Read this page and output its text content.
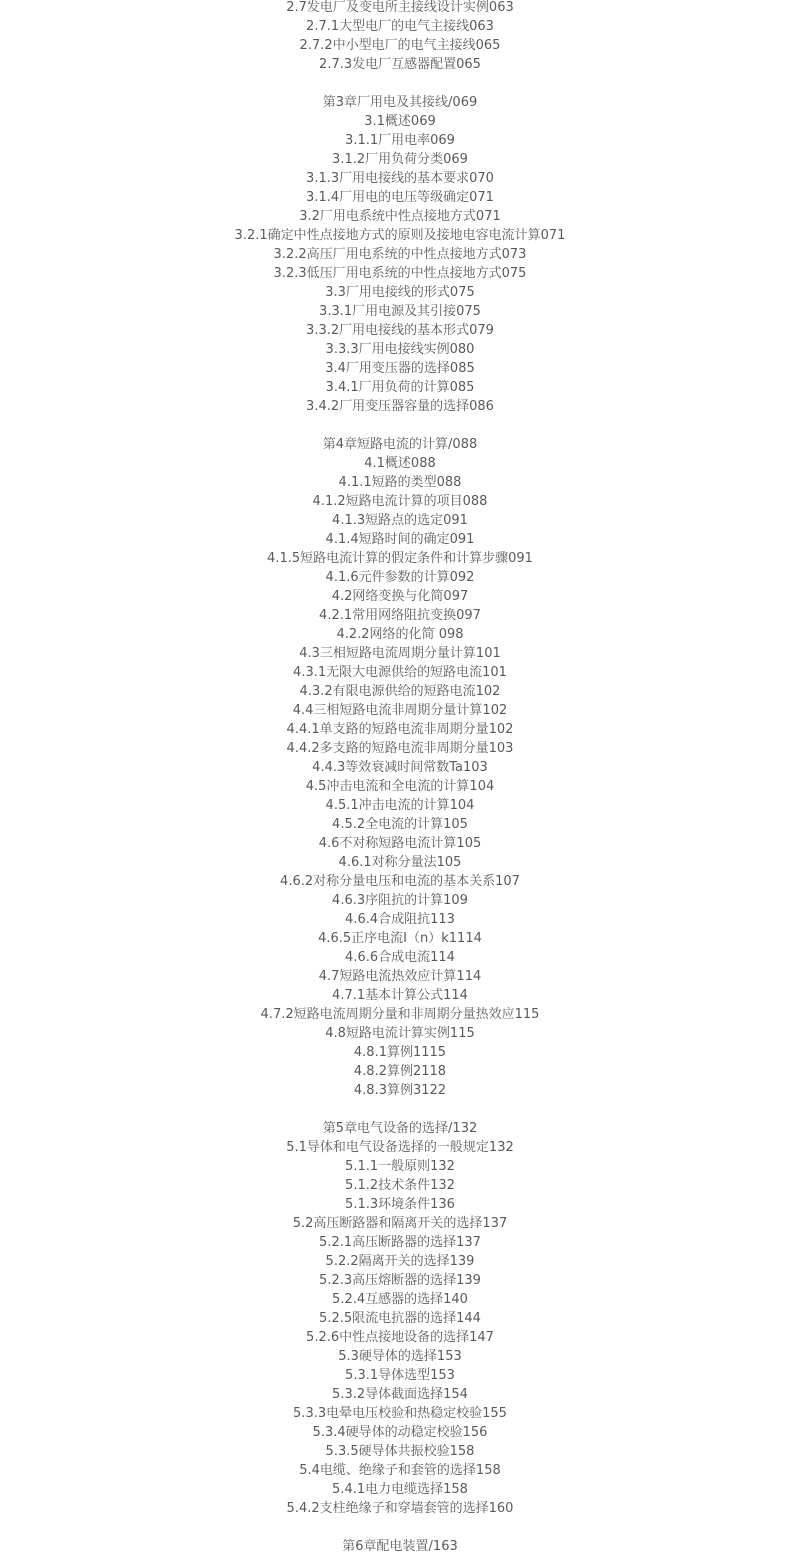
2.7发电厂及变电所主接线设计实例063
2.7.1大型电厂的电气主接线063
2.7.2中小型电厂的电气主接线065
2.7.3发电厂互感器配置065
第3章厂用电及其接线/069
3.1概述069
3.1.1厂用电率069
3.1.2厂用负荷分类069
3.1.3厂用电接线的基本要求070
3.1.4厂用电的电压等级确定071
3.2厂用电系统中性点接地方式071
3.2.1确定中性点接地方式的原则及接地电容电流计算071
3.2.2高压厂用电系统的中性点接地方式073
3.2.3低压厂用电系统的中性点接地方式075
3.3厂用电接线的形式075
3.3.1厂用电源及其引接075
3.3.2厂用电接线的基本形式079
3.3.3厂用电接线实例080
3.4厂用变压器的选择085
3.4.1厂用负荷的计算085
3.4.2厂用变压器容量的选择086
第4章短路电流的计算/088
4.1概述088
4.1.1短路的类型088
4.1.2短路电流计算的项目088
4.1.3短路点的选定091
4.1.4短路时间的确定091
4.1.5短路电流计算的假定条件和计算步骤091
4.1.6元件参数的计算092
4.2网络变换与化简097
4.2.1常用网络阻抗变换097
4.2.2网络的化简 098
4.3三相短路电流周期分量计算101
4.3.1无限大电源供给的短路电流101
4.3.2有限电源供给的短路电流102
4.4三相短路电流非周期分量计算102
4.4.1单支路的短路电流非周期分量102
4.4.2多支路的短路电流非周期分量103
4.4.3等效衰减时间常数Ta103
4.5冲击电流和全电流的计算104
4.5.1冲击电流的计算104
4.5.2全电流的计算105
4.6不对称短路电流计算105
4.6.1对称分量法105
4.6.2对称分量电压和电流的基本关系107
4.6.3序阻抗的计算109
4.6.4合成阻抗113
4.6.5正序电流I（n）k1114
4.6.6合成电流114
4.7短路电流热效应计算114
4.7.1基本计算公式114
4.7.2短路电流周期分量和非周期分量热效应115
4.8短路电流计算实例115
4.8.1算例1115
4.8.2算例2118
4.8.3算例3122
第5章电气设备的选择/132
5.1导体和电气设备选择的一般规定132
5.1.1一般原则132
5.1.2技术条件132
5.1.3环境条件136
5.2高压断路器和隔离开关的选择137
5.2.1高压断路器的选择137
5.2.2隔离开关的选择139
5.2.3高压熔断器的选择139
5.2.4互感器的选择140
5.2.5限流电抗器的选择144
5.2.6中性点接地设备的选择147
5.3硬导体的选择153
5.3.1导体选型153
5.3.2导体截面选择154
5.3.3电晕电压校验和热稳定校验155
5.3.4硬导体的动稳定校验156
5.3.5硬导体共振校验158
5.4电缆、绝缘子和套管的选择158
5.4.1电力电缆选择158
5.4.2支柱绝缘子和穿墙套管的选择160
第6章配电装置/163
